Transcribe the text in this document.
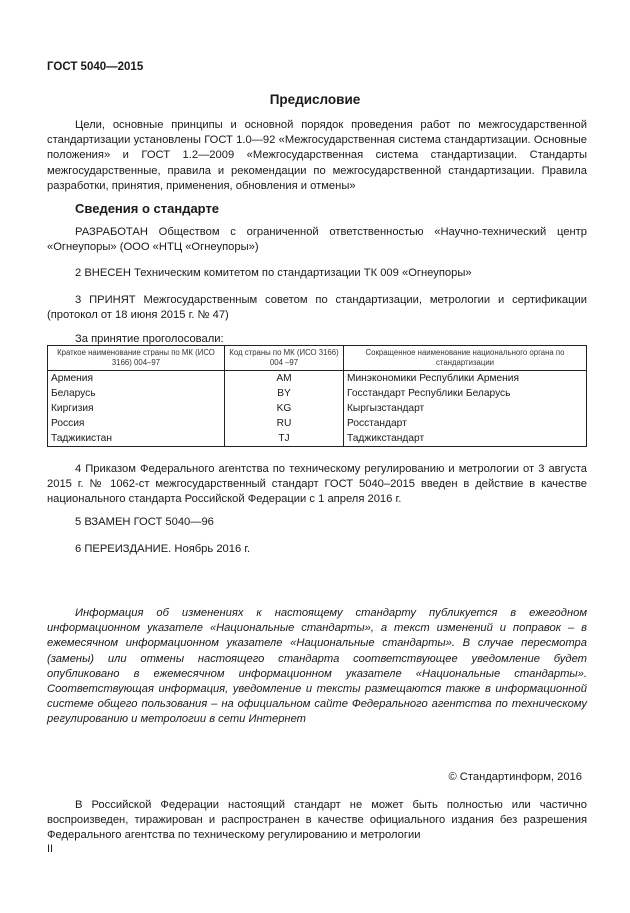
ГОСТ 5040—2015
Предисловие
Цели, основные принципы и основной порядок проведения работ по межгосударственной стандартизации установлены ГОСТ 1.0—92 «Межгосударственная система стандартизации. Основные положения» и ГОСТ 1.2—2009 «Межгосударственная система стандартизации. Стандарты межгосударственные, правила и рекомендации по межгосударственной стандартизации. Правила разработки, принятия, применения, обновления и отмены»
Сведения о стандарте
РАЗРАБОТАН Обществом с ограниченной ответственностью «Научно-технический центр «Огнеупоры» (ООО «НТЦ «Огнеупоры»)
2 ВНЕСЕН Техническим комитетом по стандартизации ТК 009 «Огнеупоры»
3 ПРИНЯТ Межгосударственным советом по стандартизации, метрологии и сертификации (протокол от 18 июня 2015 г. № 47)
За принятие проголосовали:
Краткое наименование страны по МК (ИСО 3166) 004–97	Код страны по МК (ИСО 3166) 004 –97	Сокращенное наименование национального органа по стандартизации
Армения	AM	Минэкономики Республики Армения
Беларусь	BY	Госстандарт Республики Беларусь
Киргизия	KG	Кыргызстандарт
Россия	RU	Росстандарт
Таджикистан	TJ	Таджикстандарт
4 Приказом Федерального агентства по техническому регулированию и метрологии от 3 августа 2015 г. № 1062-ст межгосударственный стандарт ГОСТ 5040–2015 введен в действие в качестве национального стандарта Российской Федерации с 1 апреля 2016 г.
5 ВЗАМЕН ГОСТ 5040—96
6 ПЕРЕИЗДАНИЕ. Ноябрь 2016 г.
Информация об изменениях к настоящему стандарту публикуется в ежегодном информационном указателе «Национальные стандарты», а текст изменений и поправок – в ежемесячном информационном указателе «Национальные стандарты». В случае пересмотра (замены) или отмены настоящего стандарта соответствующее уведомление будет опубликовано в ежемесячном информационном указателе «Национальные стандарты». Соответствующая информация, уведомление и тексты размещаются также в информационной системе общего пользования – на официальном сайте Федерального агентства по техническому регулированию и метрологии в сети Интернет
© Стандартинформ, 2016
В Российской Федерации настоящий стандарт не может быть полностью или частично воспроизведен, тиражирован и распространен в качестве официального издания без разрешения Федерального агентства по техническому регулированию и метрологии
II
